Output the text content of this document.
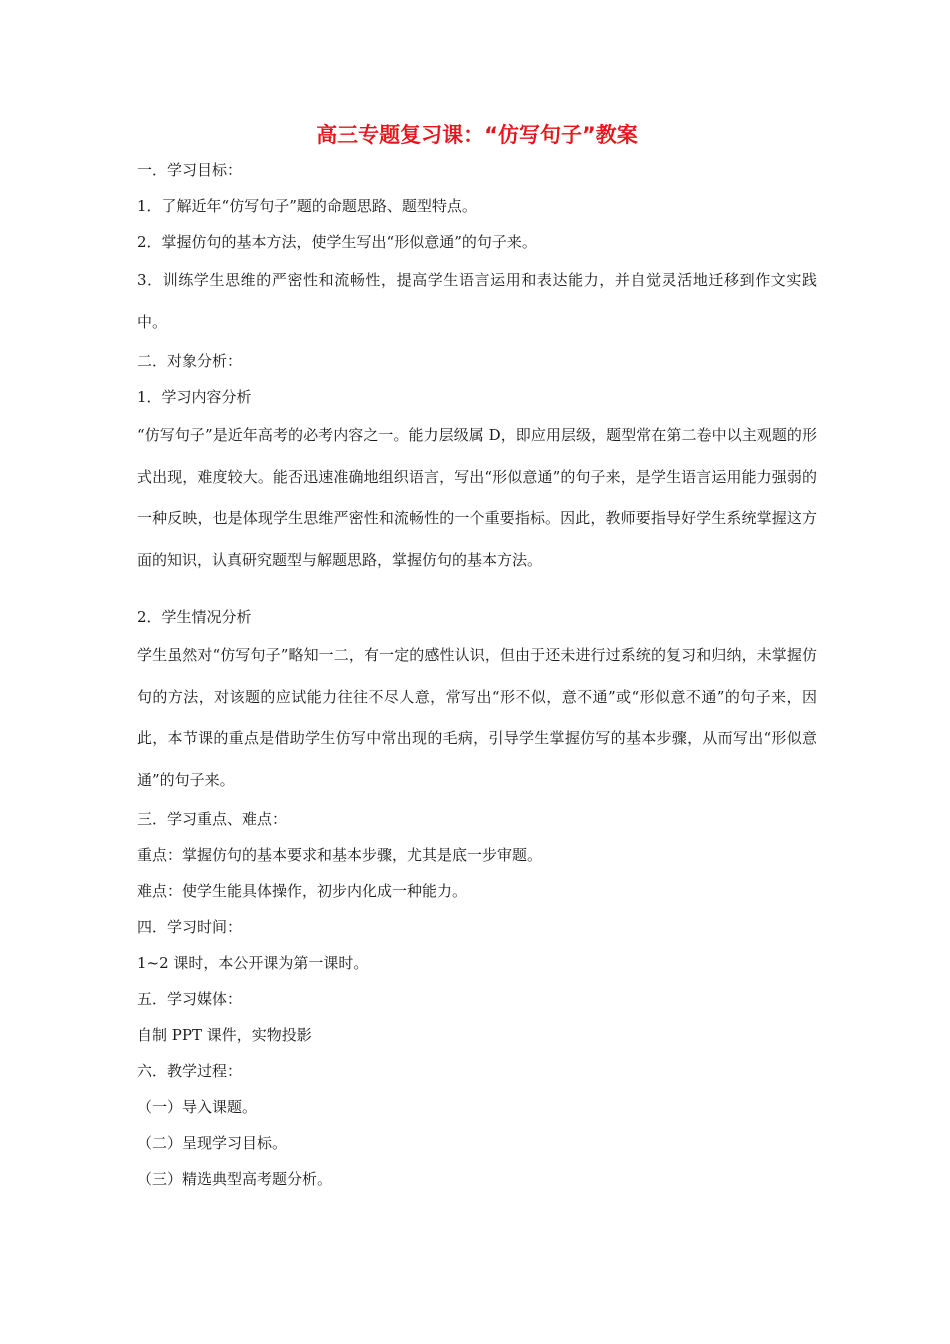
高三专题复习课：“仿写句子”教案

一．学习目标：

1．了解近年“仿写句子”题的命题思路、题型特点。

2．掌握仿句的基本方法，使学生写出“形似意通”的句子来。

3．训练学生思维的严密性和流畅性，提高学生语言运用和表达能力，并自觉灵活地迁移到作文实践中。

二．对象分析：

1．学习内容分析

“仿写句子”是近年高考的必考内容之一。能力层级属 D，即应用层级，题型常在第二卷中以主观题的形式出现，难度较大。能否迅速准确地组织语言，写出“形似意通”的句子来，是学生语言运用能力强弱的一种反映，也是体现学生思维严密性和流畅性的一个重要指标。因此，教师要指导好学生系统掌握这方面的知识，认真研究题型与解题思路，掌握仿句的基本方法。

2．学生情况分析

学生虽然对“仿写句子”略知一二，有一定的感性认识，但由于还未进行过系统的复习和归纳，未掌握仿句的方法，对该题的应试能力往往不尽人意，常写出“形不似，意不通”或“形似意不通”的句子来，因此，本节课的重点是借助学生仿写中常出现的毛病，引导学生掌握仿写的基本步骤，从而写出“形似意通”的句子来。

三．学习重点、难点：

重点：掌握仿句的基本要求和基本步骤，尤其是底一步审题。

难点：使学生能具体操作，初步内化成一种能力。

四．学习时间：

1~2 课时，本公开课为第一课时。

五．学习媒体：

自制 PPT 课件，实物投影

六．教学过程：

（一）导入课题。

（二）呈现学习目标。

（三）精选典型高考题分析。
